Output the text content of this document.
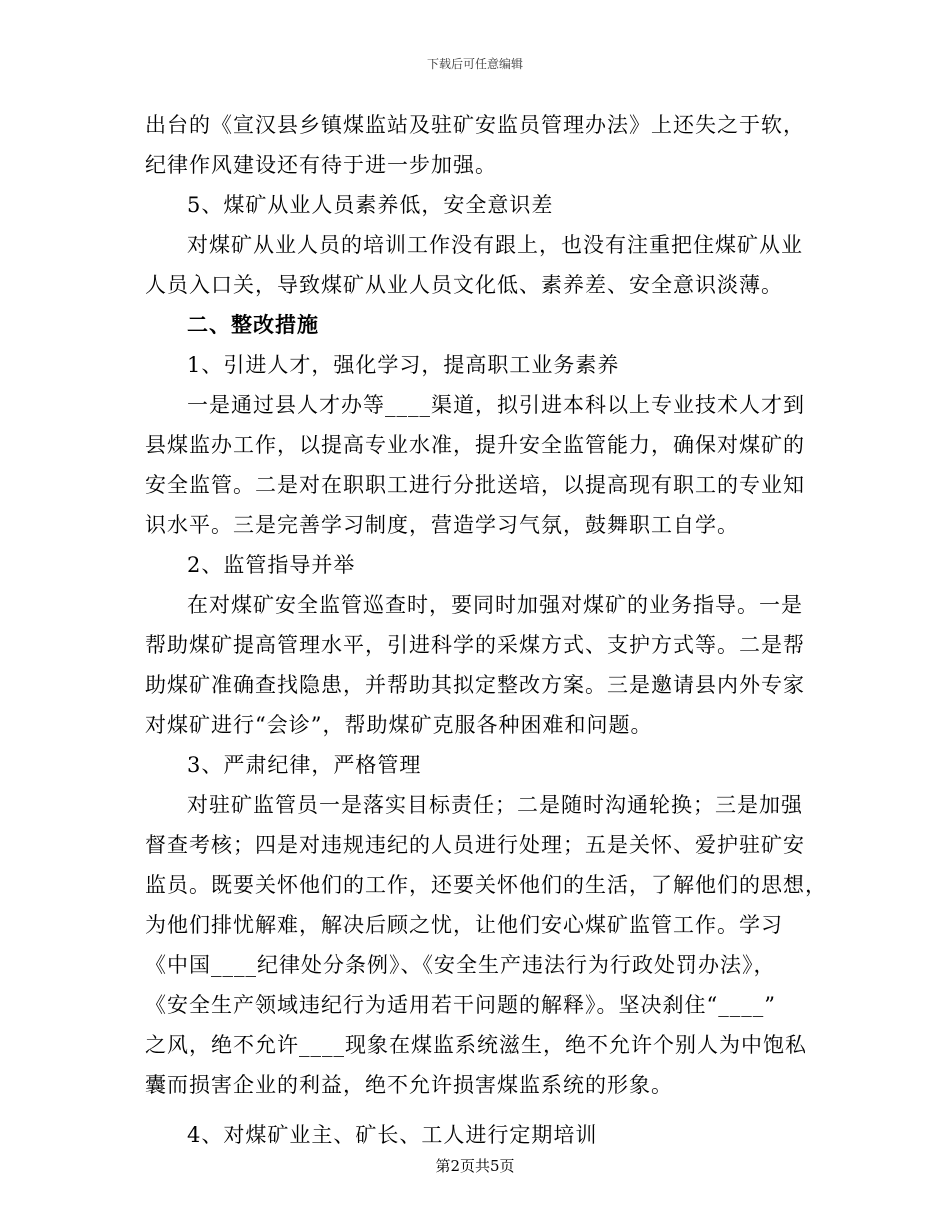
下载后可任意编辑
出台的《宣汉县乡镇煤监站及驻矿安监员管理办法》上还失之于软，
纪律作风建设还有待于进一步加强。
5、煤矿从业人员素养低，安全意识差
对煤矿从业人员的培训工作没有跟上，也没有注重把住煤矿从业
人员入口关，导致煤矿从业人员文化低、素养差、安全意识淡薄。
二、整改措施
1、引进人才，强化学习，提高职工业务素养
一是通过县人才办等____渠道，拟引进本科以上专业技术人才到
县煤监办工作，以提高专业水准，提升安全监管能力，确保对煤矿的
安全监管。二是对在职职工进行分批送培，以提高现有职工的专业知
识水平。三是完善学习制度，营造学习气氛，鼓舞职工自学。
2、监管指导并举
在对煤矿安全监管巡查时，要同时加强对煤矿的业务指导。一是
帮助煤矿提高管理水平，引进科学的采煤方式、支护方式等。二是帮
助煤矿准确查找隐患，并帮助其拟定整改方案。三是邀请县内外专家
对煤矿进行“会诊”，帮助煤矿克服各种困难和问题。
3、严肃纪律，严格管理
对驻矿监管员一是落实目标责任；二是随时沟通轮换；三是加强
督查考核；四是对违规违纪的人员进行处理；五是关怀、爱护驻矿安
监员。既要关怀他们的工作，还要关怀他们的生活，了解他们的思想，
为他们排忧解难，解决后顾之忧，让他们安心煤矿监管工作。学习
《中国____纪律处分条例》、《安全生产违法行为行政处罚办法》，
《安全生产领域违纪行为适用若干问题的解释》。坚决刹住“____”
之风，绝不允许____现象在煤监系统滋生，绝不允许个别人为中饱私
囊而损害企业的利益，绝不允许损害煤监系统的形象。
4、对煤矿业主、矿长、工人进行定期培训
第2页共5页
